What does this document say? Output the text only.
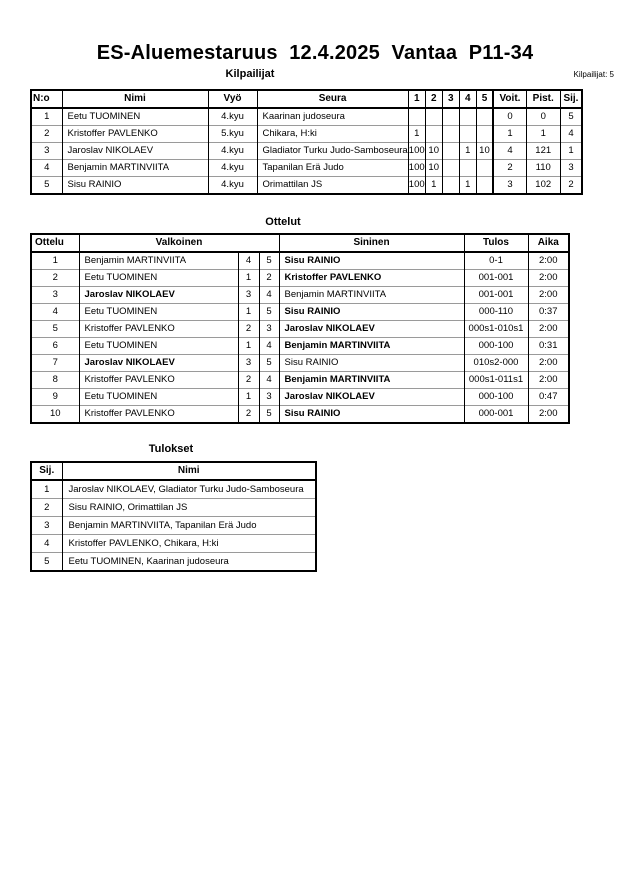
ES-Aluemestaruus  12.4.2025  Vantaa  P11-34
Kilpailijat	Kilpailijat: 5
N:o	Nimi	Vyö	Seura	1	2	3	4	5	Voit.	Pist.	Sij.
1	Eetu TUOMINEN	4.kyu	Kaarinan judoseura						0	0	5
2	Kristoffer PAVLENKO	5.kyu	Chikara, H:ki	1					1	1	4
3	Jaroslav NIKOLAEV	4.kyu	Gladiator Turku Judo-Samboseura	100	10		1	10	4	121	1
4	Benjamin MARTINVIITA	4.kyu	Tapanilan Erä Judo	100	10				2	110	3
5	Sisu RAINIO	4.kyu	Orimattilan JS	100	1		1		3	102	2
Ottelut
Ottelu	Valkoinen			Sininen	Tulos	Aika
1	Benjamin MARTINVIITA	4	5	Sisu RAINIO	0-1	2:00
2	Eetu TUOMINEN	1	2	Kristoffer PAVLENKO	001-001	2:00
3	Jaroslav NIKOLAEV	3	4	Benjamin MARTINVIITA	001-001	2:00
4	Eetu TUOMINEN	1	5	Sisu RAINIO	000-110	0:37
5	Kristoffer PAVLENKO	2	3	Jaroslav NIKOLAEV	000s1-010s1	2:00
6	Eetu TUOMINEN	1	4	Benjamin MARTINVIITA	000-100	0:31
7	Jaroslav NIKOLAEV	3	5	Sisu RAINIO	010s2-000	2:00
8	Kristoffer PAVLENKO	2	4	Benjamin MARTINVIITA	000s1-011s1	2:00
9	Eetu TUOMINEN	1	3	Jaroslav NIKOLAEV	000-100	0:47
10	Kristoffer PAVLENKO	2	5	Sisu RAINIO	000-001	2:00
Tulokset
Sij.	Nimi
1	Jaroslav NIKOLAEV, Gladiator Turku Judo-Samboseura
2	Sisu RAINIO, Orimattilan JS
3	Benjamin MARTINVIITA, Tapanilan Erä Judo
4	Kristoffer PAVLENKO, Chikara, H:ki
5	Eetu TUOMINEN, Kaarinan judoseura
